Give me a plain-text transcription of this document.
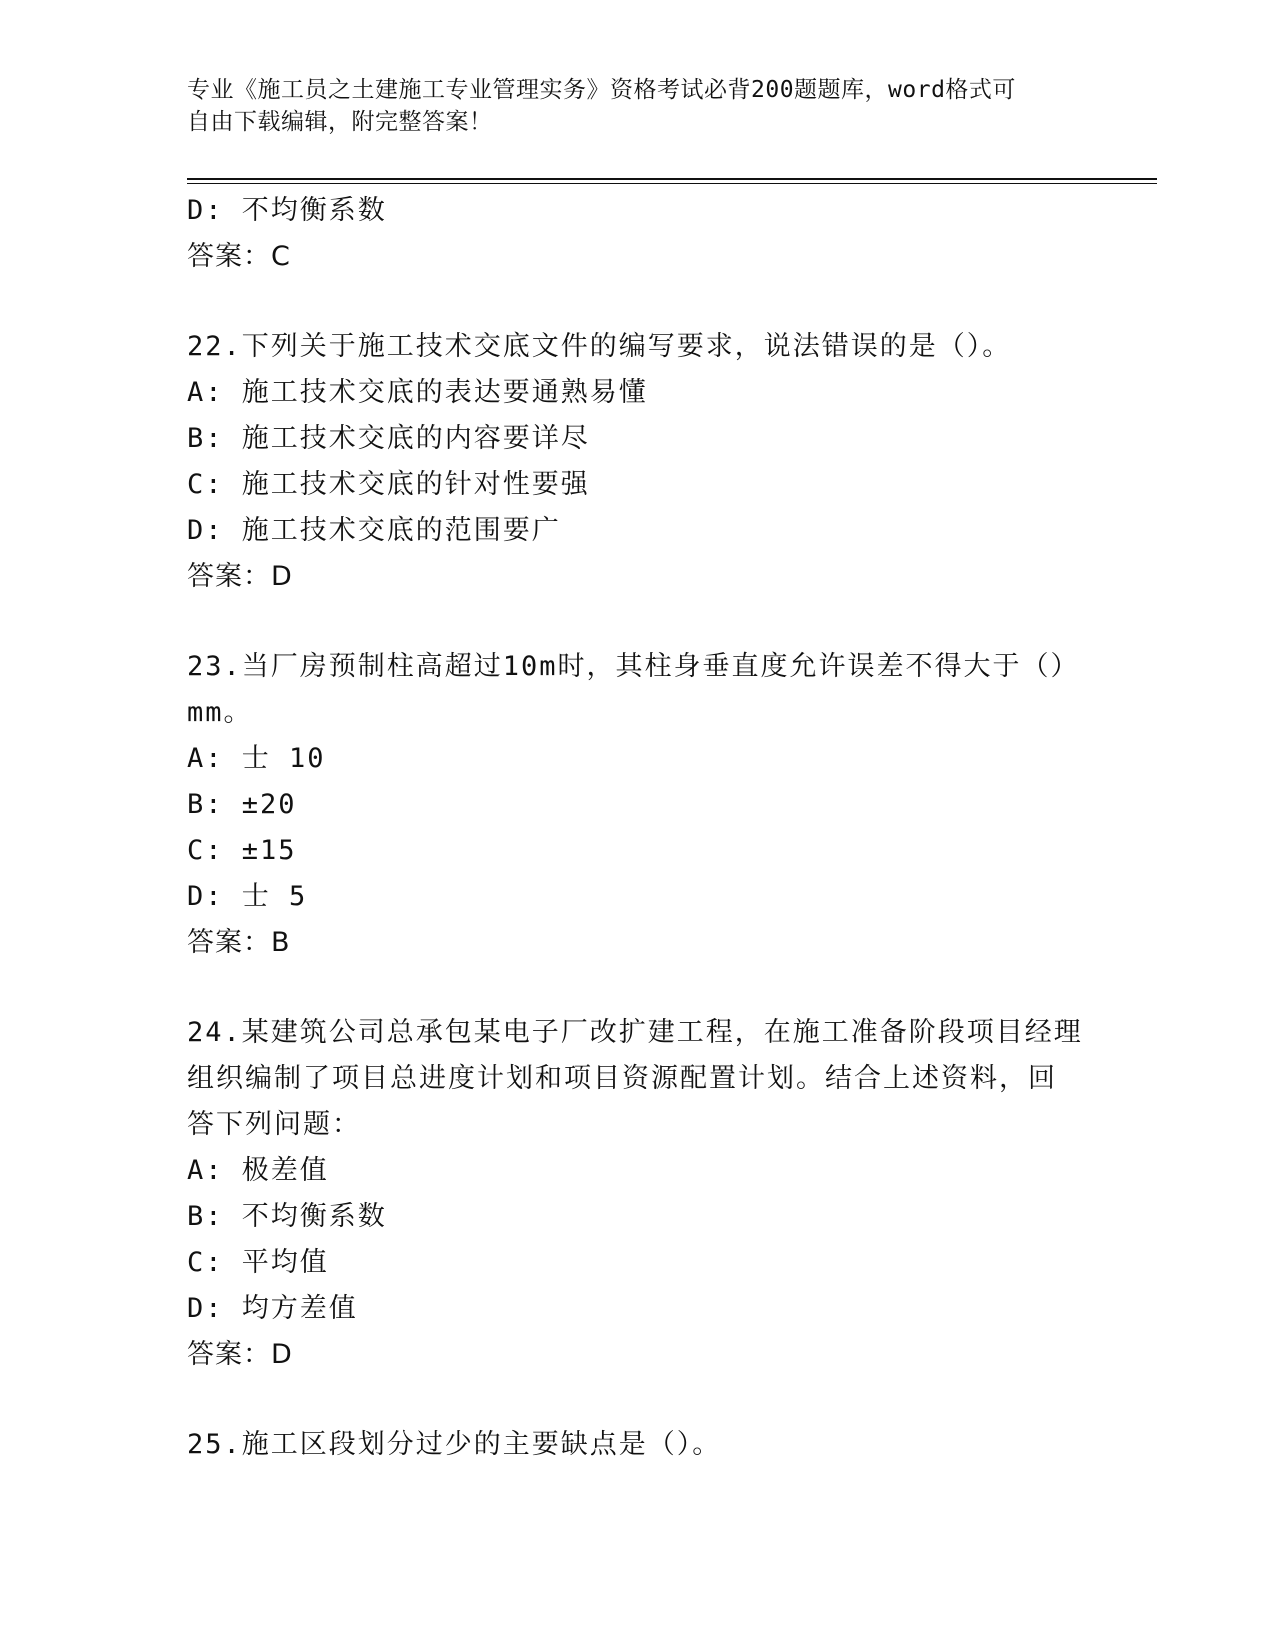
专业《施工员之土建施工专业管理实务》资格考试必背200题题库，word格式可
自由下载编辑，附完整答案！
D: 不均衡系数
答案：C
22.下列关于施工技术交底文件的编写要求，说法错误的是（）。
A: 施工技术交底的表达要通熟易懂
B: 施工技术交底的内容要详尽
C: 施工技术交底的针对性要强
D: 施工技术交底的范围要广
答案：D
23.当厂房预制柱高超过10m时，其柱身垂直度允许误差不得大于（）
mm。
A: 士 10
B: ±20
C: ±15
D: 士 5
答案：B
24.某建筑公司总承包某电子厂改扩建工程，在施工准备阶段项目经理
组织编制了项目总进度计划和项目资源配置计划。结合上述资料，回
答下列问题：
A: 极差值
B: 不均衡系数
C: 平均值
D: 均方差值
答案：D
25.施工区段划分过少的主要缺点是（）。
